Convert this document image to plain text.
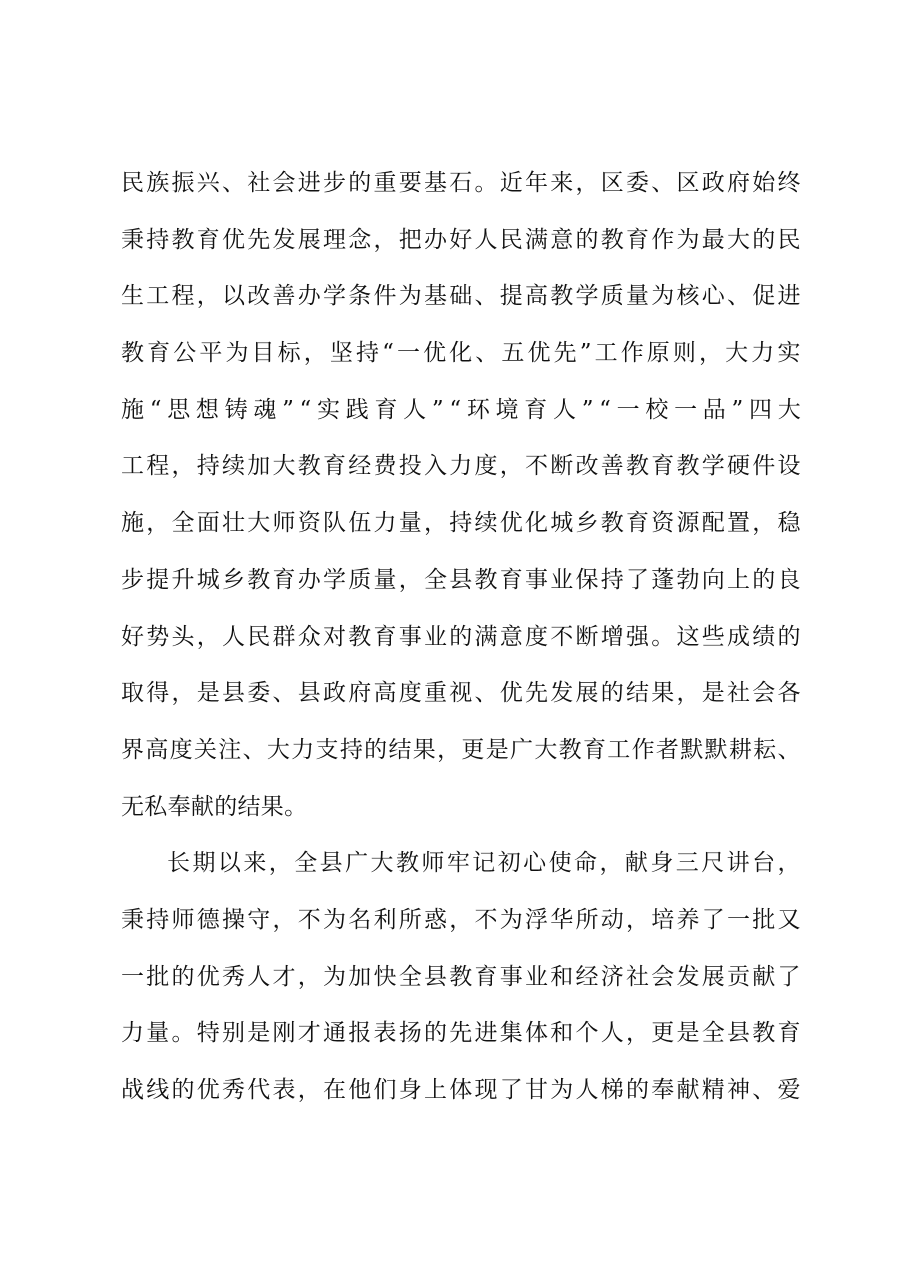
民 族 振 兴 、 社 会 进 步 的 重 要 基 石 。 近 年 来 ， 区 委 、 区 政 府 始 终
秉 持 教 育 优 先 发 展 理 念 ， 把 办 好 人 民 满 意 的 教 育 作 为 最 大 的 民
生 工 程 ， 以 改 善 办 学 条 件 为 基 础 、 提 高 教 学 质 量 为 核 心 、 促 进
教 育 公 平 为 目 标 ， 坚 持 “ 一 优 化 、 五 优 先 ” 工 作 原 则 ， 大 力 实
施 “ 思 想 铸 魂 ” “ 实 践 育 人 ” “ 环 境 育 人 ” “ 一 校 一 品 ” 四 大
工 程 ， 持 续 加 大 教 育 经 费 投 入 力 度 ， 不 断 改 善 教 育 教 学 硬 件 设
施 ， 全 面 壮 大 师 资 队 伍 力 量 ， 持 续 优 化 城 乡 教 育 资 源 配 置 ， 稳
步 提 升 城 乡 教 育 办 学 质 量 ， 全 县 教 育 事 业 保 持 了 蓬 勃 向 上 的 良
好 势 头 ， 人 民 群 众 对 教 育 事 业 的 满 意 度 不 断 增 强 。 这 些 成 绩 的
取 得 ， 是 县 委 、 县 政 府 高 度 重 视 、 优 先 发 展 的 结 果 ， 是 社 会 各
界 高 度 关 注 、 大 力 支 持 的 结 果 ， 更 是 广 大 教 育 工 作 者 默 默 耕 耘 、
无私奉献的结果。
长 期 以 来 ， 全 县 广 大 教 师 牢 记 初 心 使 命 ， 献 身 三 尺 讲 台 ，
秉 持 师 德 操 守 ， 不 为 名 利 所 惑 ， 不 为 浮 华 所 动 ， 培 养 了 一 批 又
一 批 的 优 秀 人 才 ， 为 加 快 全 县 教 育 事 业 和 经 济 社 会 发 展 贡 献 了
力 量 。 特 别 是 刚 才 通 报 表 扬 的 先 进 集 体 和 个 人 ， 更 是 全 县 教 育
战 线 的 优 秀 代 表 ， 在 他 们 身 上 体 现 了 甘 为 人 梯 的 奉 献 精 神 、 爱
